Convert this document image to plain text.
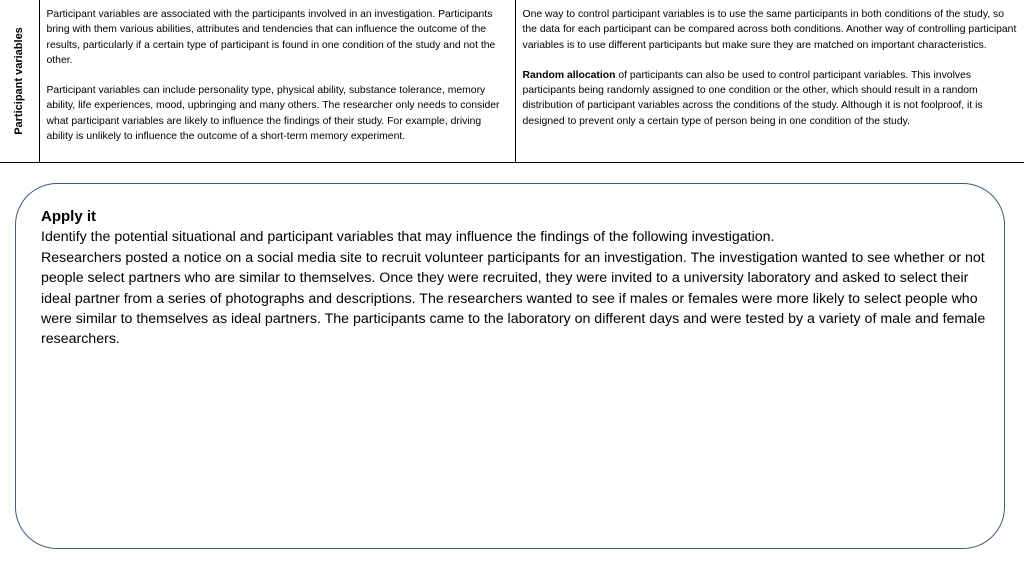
Participant variables

Participant variables are associated with the participants involved in an investigation. Participants bring with them various abilities, attributes and tendencies that can influence the outcome of the results, particularly if a certain type of participant is found in one condition of the study and not the other.

Participant variables can include personality type, physical ability, substance tolerance, memory ability, life experiences, mood, upbringing and many others. The researcher only needs to consider what participant variables are likely to influence the findings of their study. For example, driving ability is unlikely to influence the outcome of a short-term memory experiment.

One way to control participant variables is to use the same participants in both conditions of the study, so the data for each participant can be compared across both conditions. Another way of controlling participant variables is to use different participants but make sure they are matched on important characteristics.

Random allocation of participants can also be used to control participant variables. This involves participants being randomly assigned to one condition or the other, which should result in a random distribution of participant variables across the conditions of the study. Although it is not foolproof, it is designed to prevent only a certain type of person being in one condition of the study.

Apply it

Identify the potential situational and participant variables that may influence the findings of the following investigation.

Researchers posted a notice on a social media site to recruit volunteer participants for an investigation. The investigation wanted to see whether or not people select partners who are similar to themselves. Once they were recruited, they were invited to a university laboratory and asked to select their ideal partner from a series of photographs and descriptions. The researchers wanted to see if males or females were more likely to select people who were similar to themselves as ideal partners. The participants came to the laboratory on different days and were tested by a variety of male and female researchers.
